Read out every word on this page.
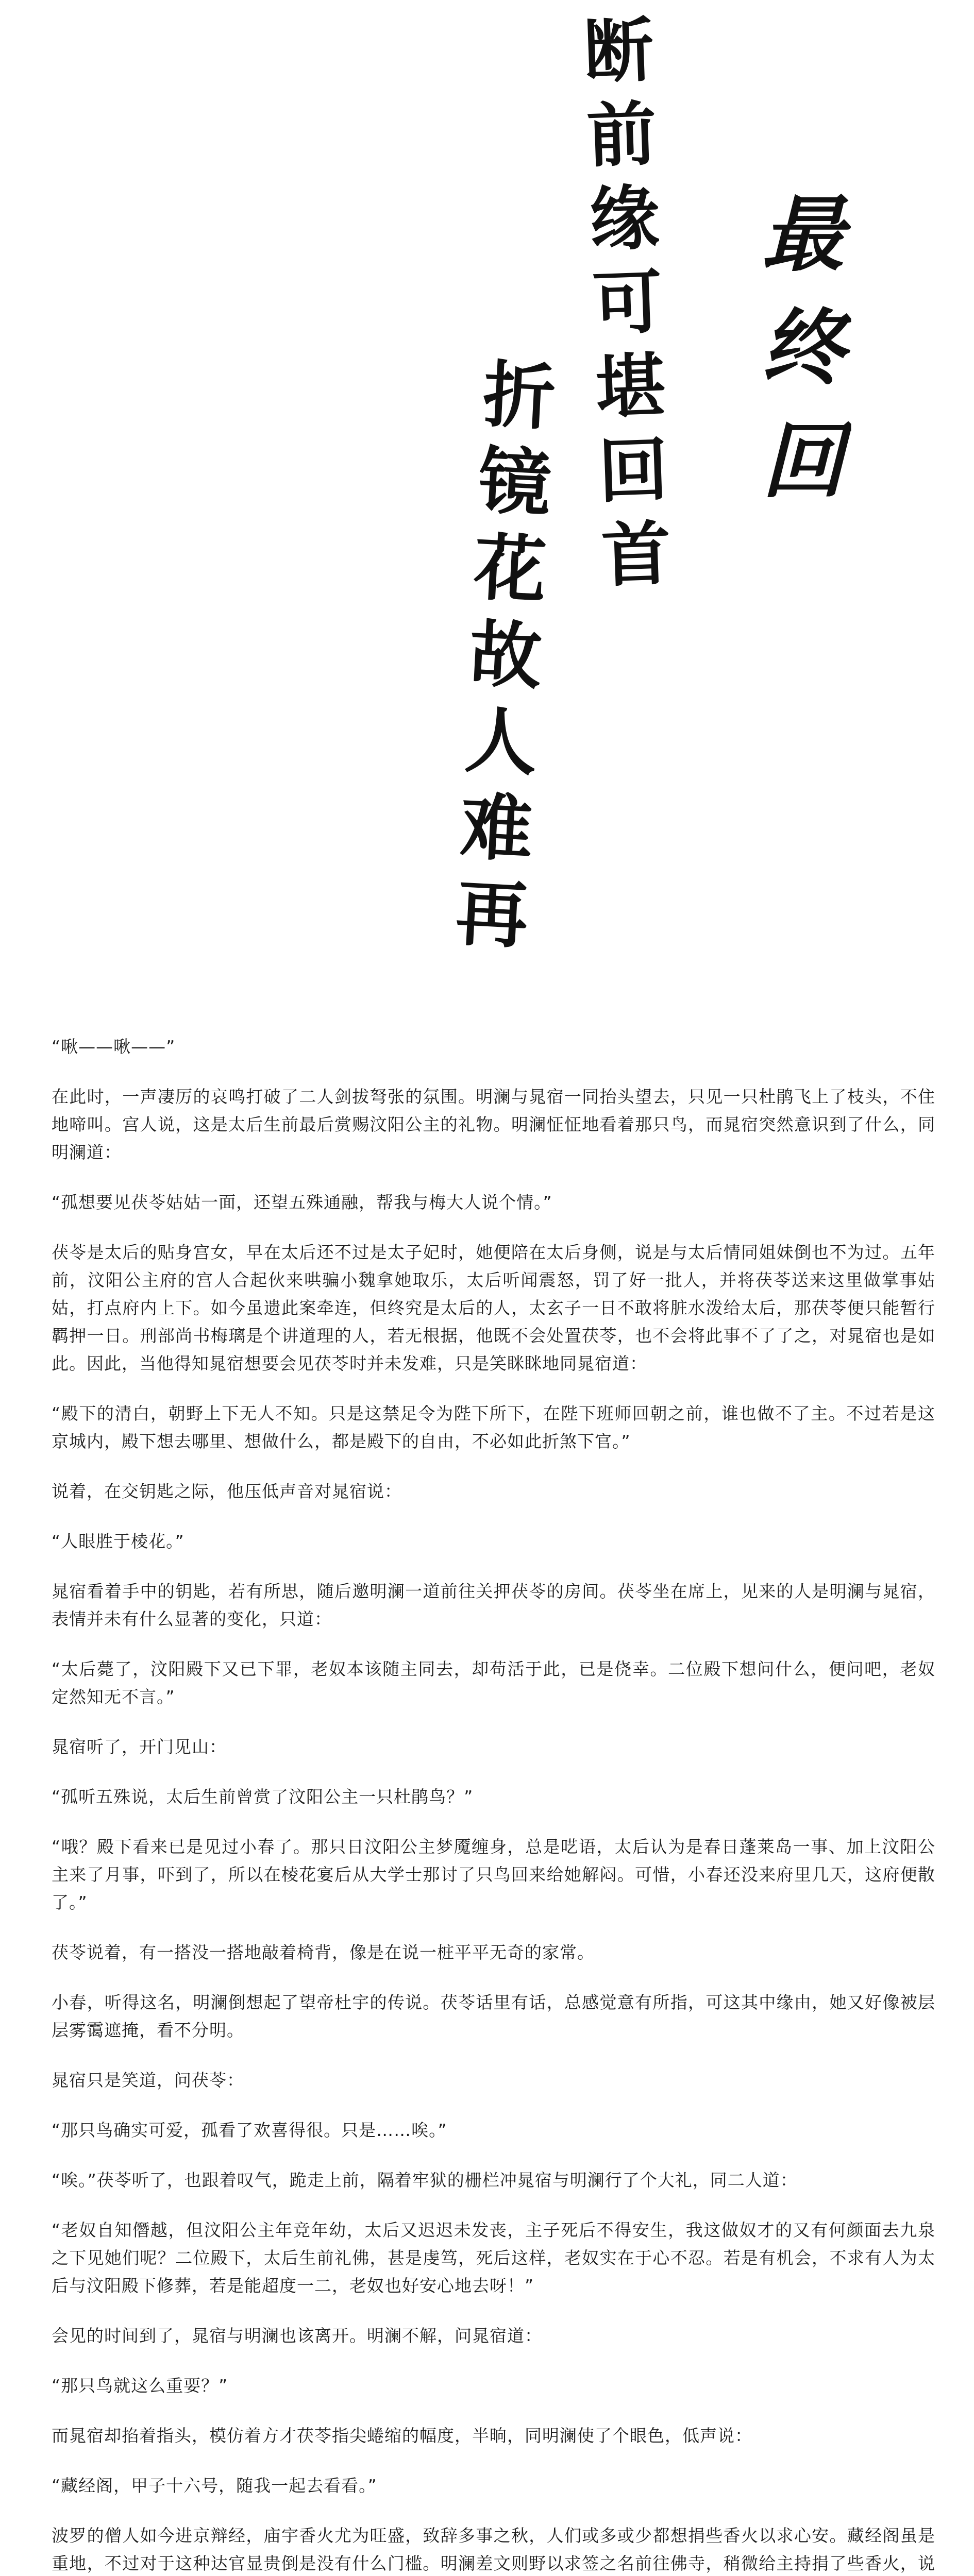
最终回
断前缘可堪回首
折镜花故人难再

“啾——啾——”

在此时，一声凄厉的哀鸣打破了二人剑拔弩张的氛围。明澜与晁宿一同抬头望去，只见一只杜鹃飞上了枝头，不住地啼叫。宫人说，这是太后生前最后赏赐汶阳公主的礼物。明澜怔怔地看着那只鸟，而晁宿突然意识到了什么，同明澜道：

“孤想要见茯苓姑姑一面，还望五殊通融，帮我与梅大人说个情。”

茯苓是太后的贴身宫女，早在太后还不过是太子妃时，她便陪在太后身侧，说是与太后情同姐妹倒也不为过。五年前，汶阳公主府的宫人合起伙来哄骗小魏拿她取乐，太后听闻震怒，罚了好一批人，并将茯苓送来这里做掌事姑姑，打点府内上下。如今虽遗此案牵连，但终究是太后的人，太玄子一日不敢将脏水泼给太后，那茯苓便只能暂行羁押一日。刑部尚书梅璃是个讲道理的人，若无根据，他既不会处置茯苓，也不会将此事不了了之，对晁宿也是如此。因此，当他得知晁宿想要会见茯苓时并未发难，只是笑眯眯地同晁宿道：

“殿下的清白，朝野上下无人不知。只是这禁足令为陛下所下，在陛下班师回朝之前，谁也做不了主。不过若是这京城内，殿下想去哪里、想做什么，都是殿下的自由，不必如此折煞下官。”

说着，在交钥匙之际，他压低声音对晁宿说：

“人眼胜于棱花。”

晁宿看着手中的钥匙，若有所思，随后邀明澜一道前往关押茯苓的房间。茯苓坐在席上，见来的人是明澜与晁宿，表情并未有什么显著的变化，只道：

“太后薨了，汶阳殿下又已下罪，老奴本该随主同去，却苟活于此，已是侥幸。二位殿下想问什么，便问吧，老奴定然知无不言。”

晁宿听了，开门见山：

“孤听五殊说，太后生前曾赏了汶阳公主一只杜鹃鸟？”

“哦？殿下看来已是见过小春了。那只日汶阳公主梦魇缠身，总是呓语，太后认为是春日蓬莱岛一事、加上汶阳公主来了月事，吓到了，所以在棱花宴后从大学士那讨了只鸟回来给她解闷。可惜，小春还没来府里几天，这府便散了。”

茯苓说着，有一搭没一搭地敲着椅背，像是在说一桩平平无奇的家常。

小春，听得这名，明澜倒想起了望帝杜宇的传说。茯苓话里有话，总感觉意有所指，可这其中缘由，她又好像被层层雾霭遮掩，看不分明。

晁宿只是笑道，问茯苓：

“那只鸟确实可爱，孤看了欢喜得很。只是……唉。”

“唉。”茯苓听了，也跟着叹气，跪走上前，隔着牢狱的栅栏冲晁宿与明澜行了个大礼，同二人道：

“老奴自知僭越，但汶阳公主年竞年幼，太后又迟迟未发丧，主子死后不得安生，我这做奴才的又有何颜面去九泉之下见她们呢？二位殿下，太后生前礼佛，甚是虔笃，死后这样，老奴实在于心不忍。若是有机会，不求有人为太后与汶阳殿下修葬，若是能超度一二，老奴也好安心地去呀！”

会见的时间到了，晁宿与明澜也该离开。明澜不解，问晁宿道：

“那只鸟就这么重要？”

而晁宿却掐着指头，模仿着方才茯苓指尖蜷缩的幅度，半晌，同明澜使了个眼色，低声说：

“藏经阁，甲子十六号，随我一起去看看。”

波罗的僧人如今进京辩经，庙宇香火尤为旺盛，致辞多事之秋，人们或多或少都想捐些香火以求心安。藏经阁虽是重地，不过对于这种达官显贵倒是没有什么门槛。明澜差文则野以求签之名前往佛寺，稍微给主持捐了些香火，说
